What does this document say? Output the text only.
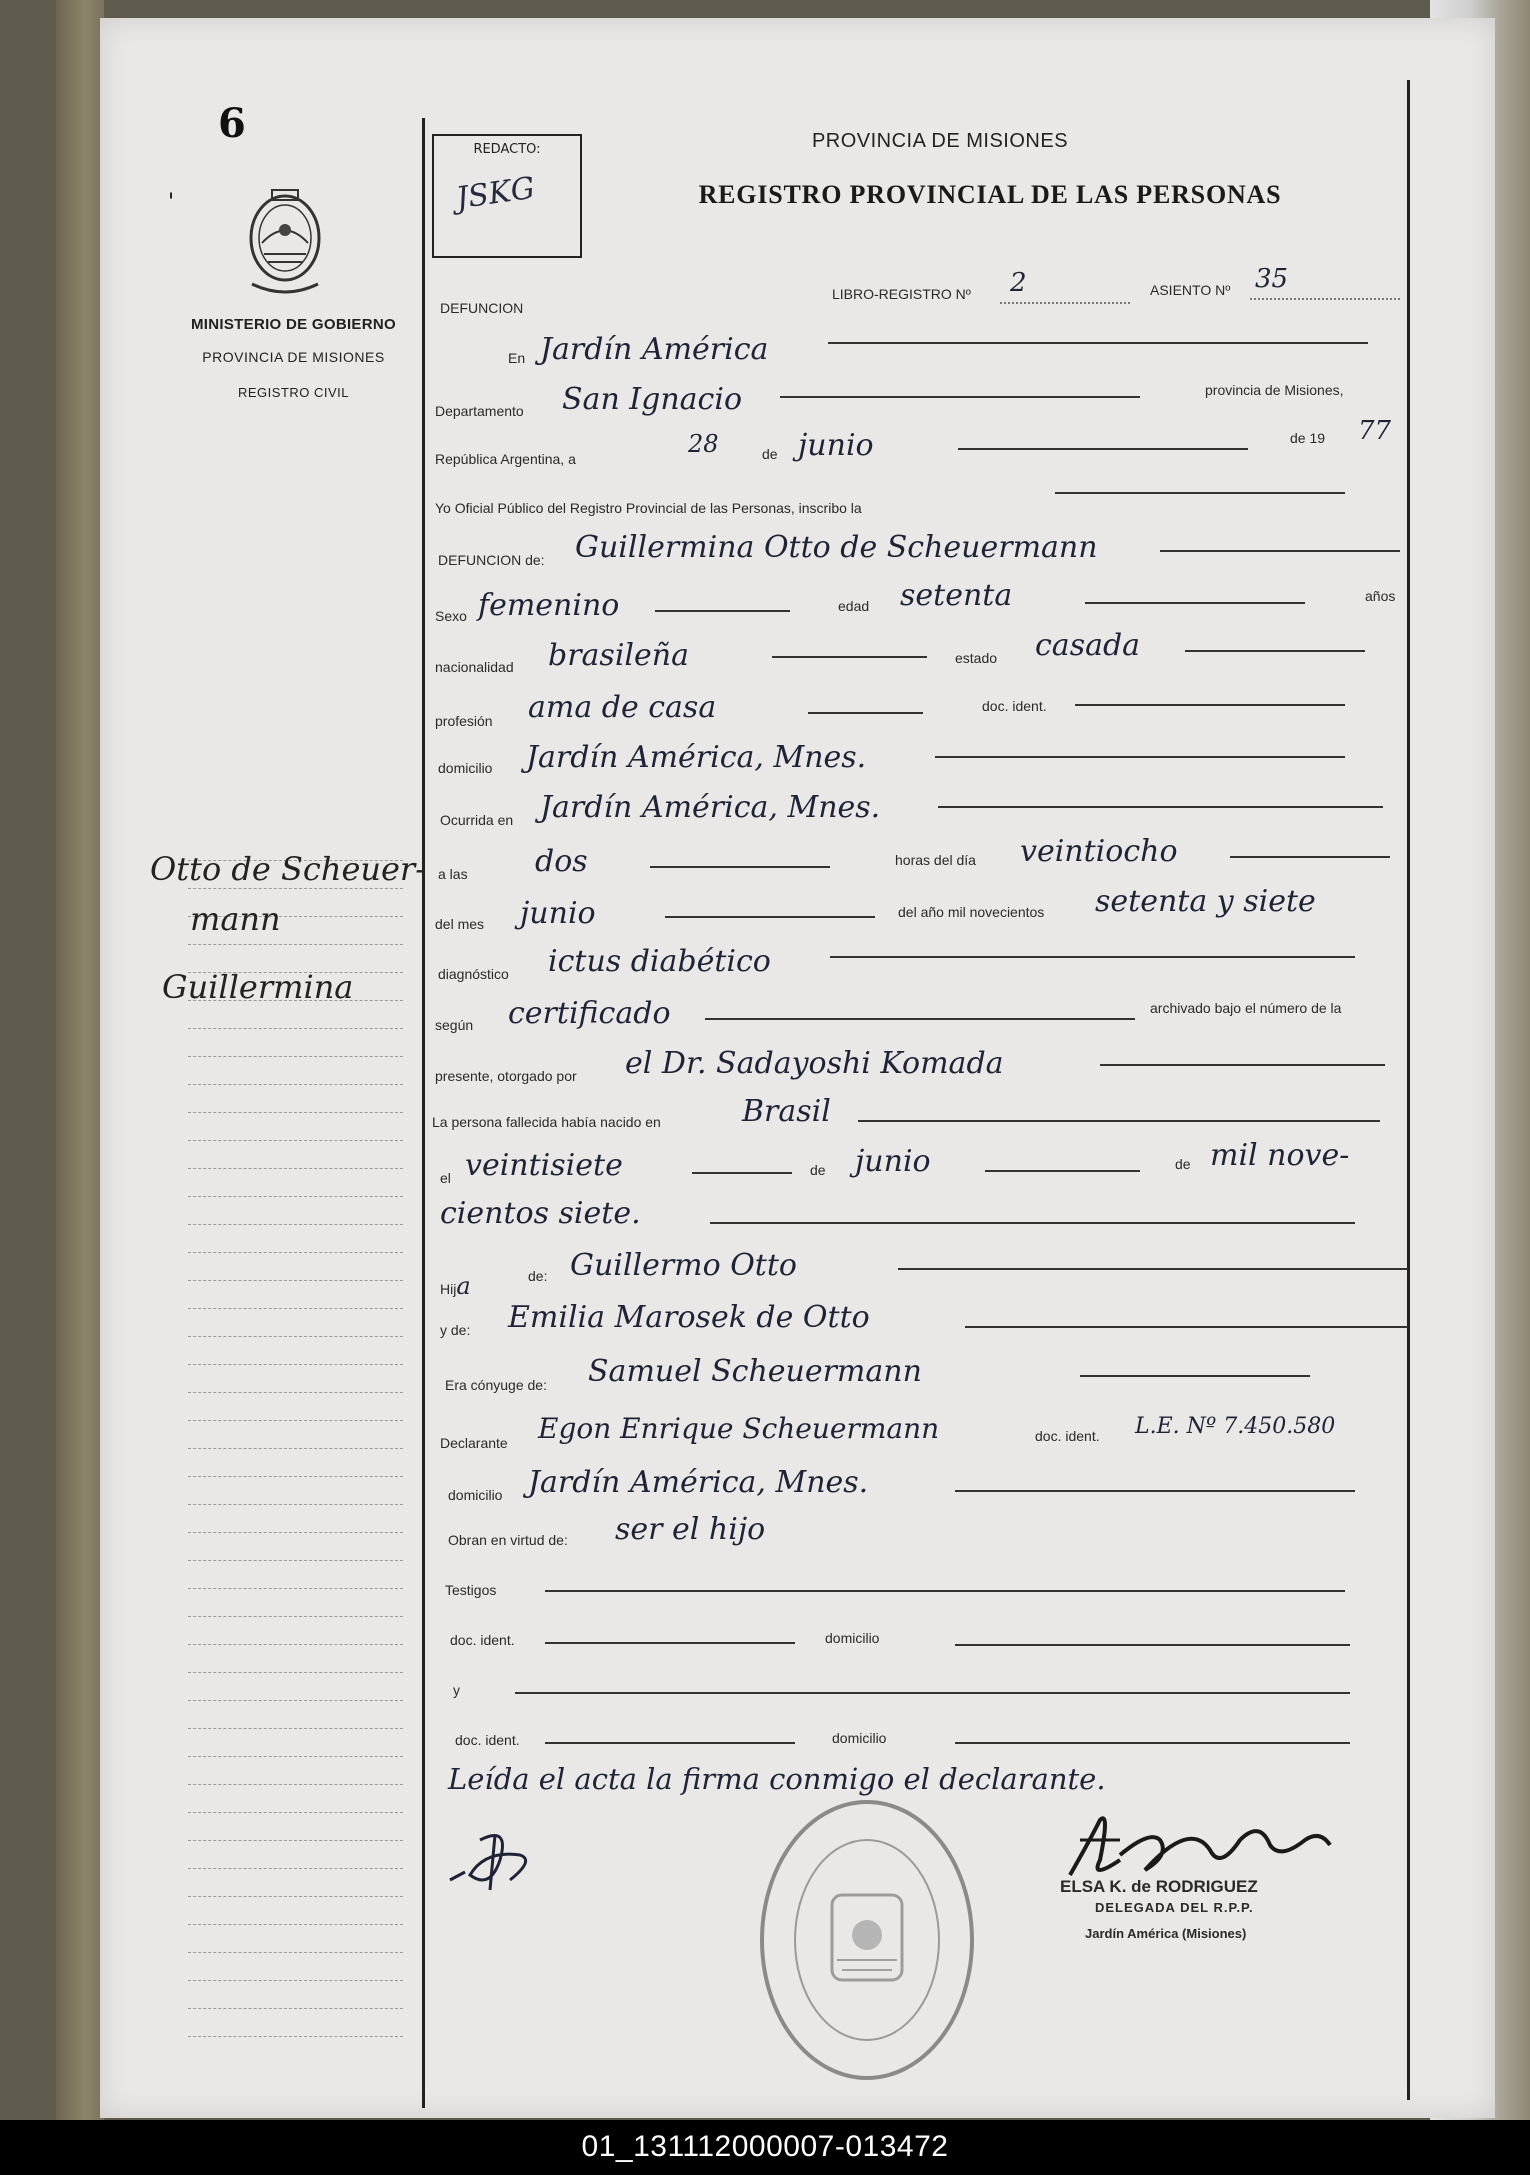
6
'
MINISTERIO DE GOBIERNO
PROVINCIA DE MISIONES
REGISTRO CIVIL
REDACTO:
JSKG
PROVINCIA DE MISIONES
REGISTRO PROVINCIAL DE LAS PERSONAS
DEFUNCION
LIBRO-REGISTRO Nº 2	ASIENTO Nº 35
En Jardín América
Departamento San Ignacio	provincia de Misiones,
República Argentina, a
28	de junio	de 19 77
Yo Oficial Público del Registro Provincial de las Personas, inscribo la
DEFUNCION de: Guillermina Otto de Scheuermann
Sexo femenino	edad setenta	años
nacionalidad brasileña	estado casada
profesión ama de casa	doc. ident.
domicilio Jardín América, Mnes.
Ocurrida en Jardín América, Mnes.
a las dos	horas del día veintiocho
del mes junio	del año mil novecientos setenta y siete
diagnóstico ictus diabético
según certificado	archivado bajo el número de la
presente, otorgado por el Dr. Sadayoshi Komada
La persona fallecida había nacido en	Brasil
el veintisiete	de junio	de mil nove-
cientos siete.
Hija	de: Guillermo Otto
y de: Emilia Marosek de Otto
Era cónyuge de: Samuel Scheuermann
Declarante Egon Enrique Scheuermann	doc. ident. L.E. Nº 7.450.580
domicilio Jardín América, Mnes.
Obran en virtud de: ser el hijo
Testigos
doc. ident.	domicilio
y
doc. ident.	domicilio
Leída el acta la firma conmigo el declarante.
Otto de Scheuer-
mann
Guillermina
ELSA K. de RODRIGUEZ
DELEGADA DEL R.P.P.
Jardín América (Misiones)
01_131112000007-013472
